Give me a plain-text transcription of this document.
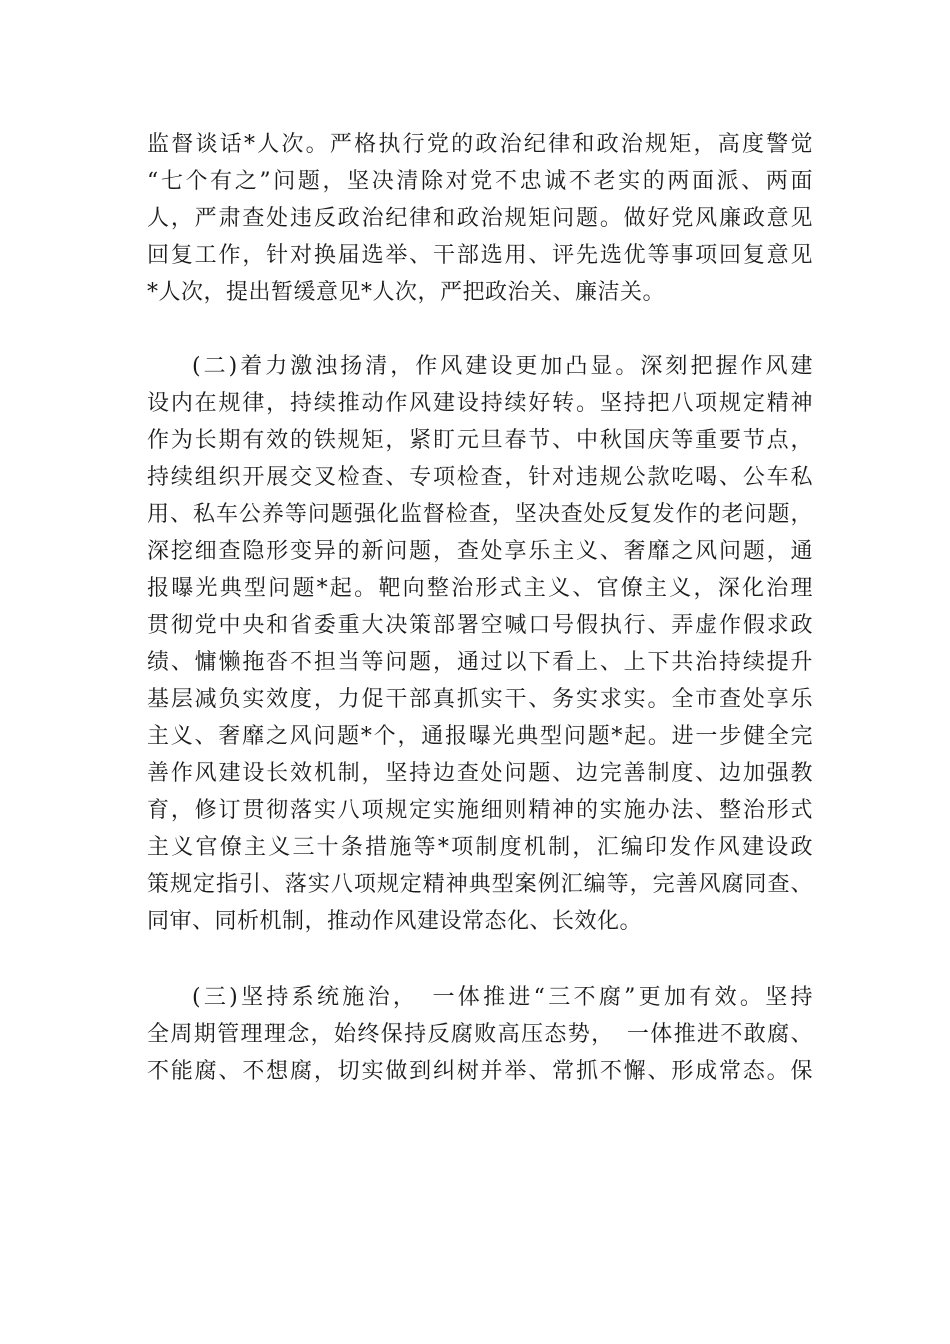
监督谈话*人次。严格执行党的政治纪律和政治规矩，高度警觉
“七个有之”问题，坚决清除对党不忠诚不老实的两面派、两面
人，严肃查处违反政治纪律和政治规矩问题。做好党风廉政意见
回复工作，针对换届选举、干部选用、评先选优等事项回复意见
*人次，提出暂缓意见*人次，严把政治关、廉洁关。
(二)着力激浊扬清，作风建设更加凸显。深刻把握作风建
设内在规律，持续推动作风建设持续好转。坚持把八项规定精神
作为长期有效的铁规矩，紧盯元旦春节、中秋国庆等重要节点，
持续组织开展交叉检查、专项检查，针对违规公款吃喝、公车私
用、私车公养等问题强化监督检查，坚决查处反复发作的老问题，
深挖细查隐形变异的新问题，查处享乐主义、奢靡之风问题，通
报曝光典型问题*起。靶向整治形式主义、官僚主义，深化治理
贯彻党中央和省委重大决策部署空喊口号假执行、弄虚作假求政
绩、慵懒拖沓不担当等问题，通过以下看上、上下共治持续提升
基层减负实效度，力促干部真抓实干、务实求实。全市查处享乐
主义、奢靡之风问题*个，通报曝光典型问题*起。进一步健全完
善作风建设长效机制，坚持边查处问题、边完善制度、边加强教
育，修订贯彻落实八项规定实施细则精神的实施办法、整治形式
主义官僚主义三十条措施等*项制度机制，汇编印发作风建设政
策规定指引、落实八项规定精神典型案例汇编等，完善风腐同查、
同审、同析机制，推动作风建设常态化、长效化。
(三)坚持系统施治，　一体推进“三不腐”更加有效。坚持
全周期管理理念，始终保持反腐败高压态势，　一体推进不敢腐、
不能腐、不想腐，切实做到纠树并举、常抓不懈、形成常态。保
